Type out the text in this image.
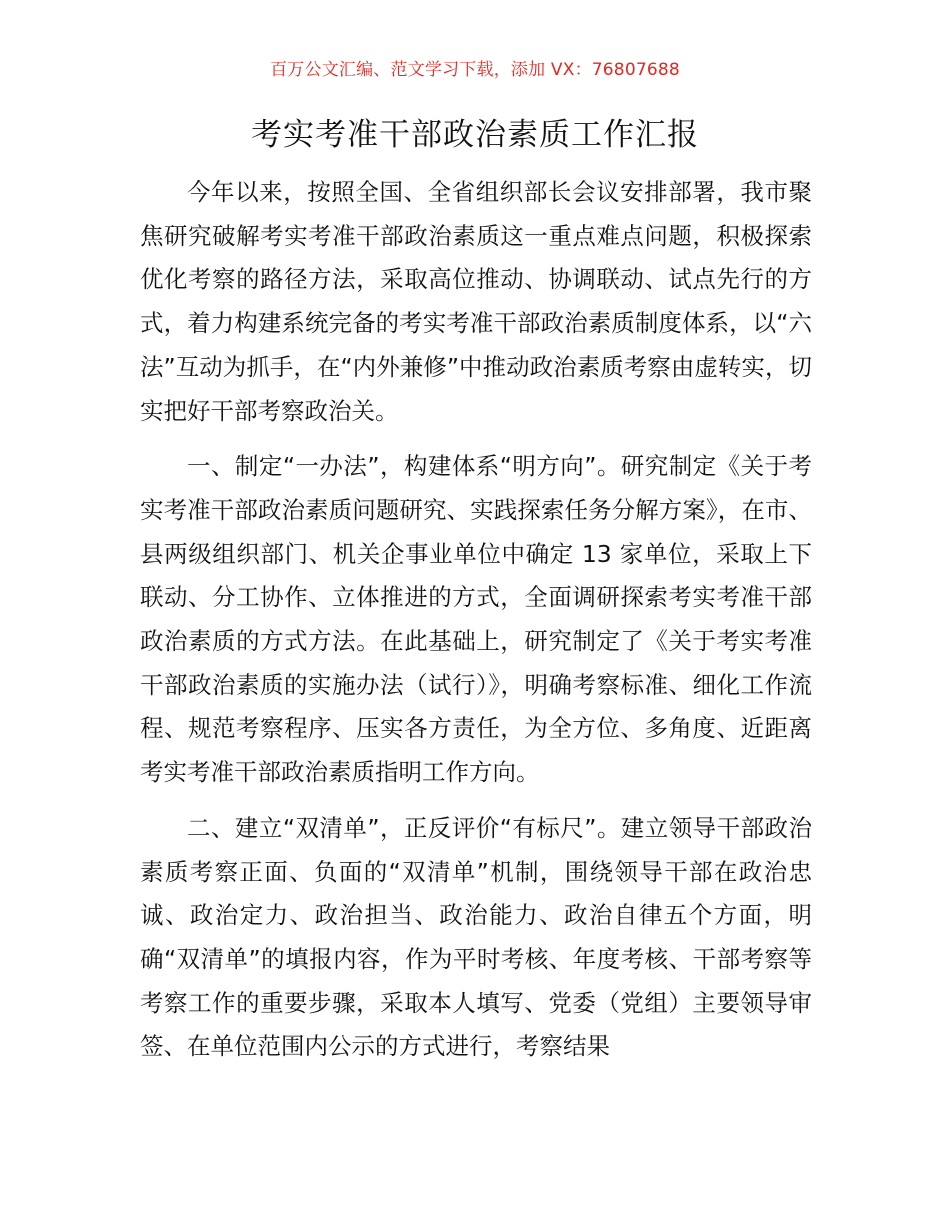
百万公文汇编、范文学习下载，添加 VX：76807688
考实考准干部政治素质工作汇报

今年以来，按照全国、全省组织部长会议安排部署，我市聚焦研究破解考实考准干部政治素质这一重点难点问题，积极探索优化考察的路径方法，采取高位推动、协调联动、试点先行的方式，着力构建系统完备的考实考准干部政治素质制度体系，以“六法”互动为抓手，在“内外兼修”中推动政治素质考察由虚转实，切实把好干部考察政治关。

一、制定“一办法”，构建体系“明方向”。研究制定《关于考实考准干部政治素质问题研究、实践探索任务分解方案》，在市、县两级组织部门、机关企事业单位中确定 13 家单位，采取上下联动、分工协作、立体推进的方式，全面调研探索考实考准干部政治素质的方式方法。在此基础上，研究制定了《关于考实考准干部政治素质的实施办法（试行）》，明确考察标准、细化工作流程、规范考察程序、压实各方责任，为全方位、多角度、近距离考实考准干部政治素质指明工作方向。

二、建立“双清单”，正反评价“有标尺”。建立领导干部政治素质考察正面、负面的“双清单”机制，围绕领导干部在政治忠诚、政治定力、政治担当、政治能力、政治自律五个方面，明确“双清单”的填报内容，作为平时考核、年度考核、干部考察等考察工作的重要步骤，采取本人填写、党委（党组）主要领导审签、在单位范围内公示的方式进行，考察结果
